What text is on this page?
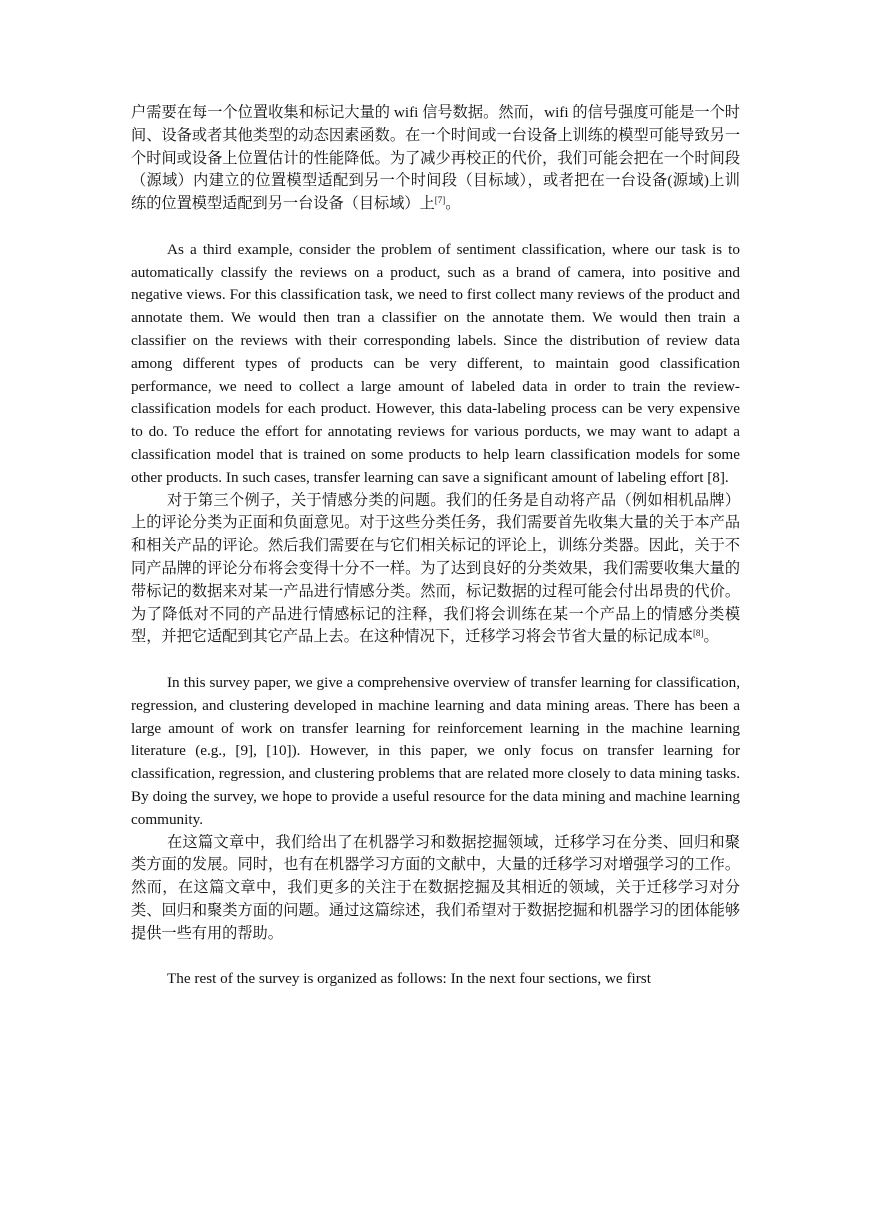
户需要在每一个位置收集和标记大量的 wifi 信号数据。然而，wifi 的信号强度可能是一个时间、设备或者其他类型的动态因素函数。在一个时间或一台设备上训练的模型可能导致另一个时间或设备上位置估计的性能降低。为了减少再校正的代价，我们可能会把在一个时间段（源域）内建立的位置模型适配到另一个时间段（目标域），或者把在一台设备(源域)上训练的位置模型适配到另一台设备（目标域）上[7]。

As a third example, consider the problem of sentiment classification, where our task is to automatically classify the reviews on a product, such as a brand of camera, into positive and negative views. For this classification task, we need to first collect many reviews of the product and annotate them. We would then tran a classifier on the annotate them. We would then train a classifier on the reviews with their corresponding labels. Since the distribution of review data among different types of products can be very different, to maintain good classification performance, we need to collect a large amount of labeled data in order to train the review-classification models for each product. However, this data-labeling process can be very expensive to do. To reduce the effort for annotating reviews for various porducts, we may want to adapt a classification model that is trained on some products to help learn classification models for some other products. In such cases, transfer learning can save a significant amount of labeling effort [8].

对于第三个例子，关于情感分类的问题。我们的任务是自动将产品（例如相机品牌）上的评论分类为正面和负面意见。对于这些分类任务，我们需要首先收集大量的关于本产品和相关产品的评论。然后我们需要在与它们相关标记的评论上，训练分类器。因此，关于不同产品牌的评论分布将会变得十分不一样。为了达到良好的分类效果，我们需要收集大量的带标记的数据来对某一产品进行情感分类。然而，标记数据的过程可能会付出昂贵的代价。为了降低对不同的产品进行情感标记的注释，我们将会训练在某一个产品上的情感分类模型，并把它适配到其它产品上去。在这种情况下，迁移学习将会节省大量的标记成本[8]。

In this survey paper, we give a comprehensive overview of transfer learning for classification, regression, and clustering developed in machine learning and data mining areas. There has been a large amount of work on transfer learning for reinforcement learning in the machine learning literature (e.g., [9], [10]). However, in this paper, we only focus on transfer learning for classification, regression, and clustering problems that are related more closely to data mining tasks. By doing the survey, we hope to provide a useful resource for the data mining and machine learning community.

在这篇文章中，我们给出了在机器学习和数据挖掘领域，迁移学习在分类、回归和聚类方面的发展。同时，也有在机器学习方面的文献中，大量的迁移学习对增强学习的工作。然而，在这篇文章中，我们更多的关注于在数据挖掘及其相近的领域，关于迁移学习对分类、回归和聚类方面的问题。通过这篇综述，我们希望对于数据挖掘和机器学习的团体能够提供一些有用的帮助。

The rest of the survey is organized as follows: In the next four sections, we first
